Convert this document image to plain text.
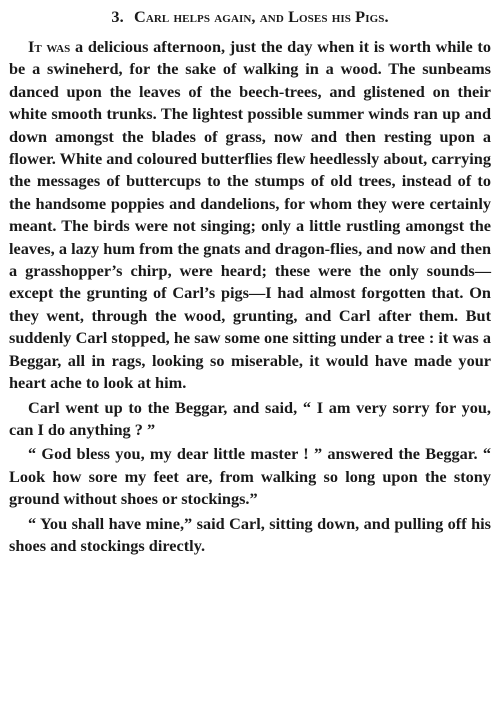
3. Carl helps again, and Loses his Pigs.

It was a delicious afternoon, just the day when it is worth while to be a swineherd, for the sake of walking in a wood. The sunbeams danced upon the leaves of the beech-trees, and glistened on their white smooth trunks. The lightest possible summer winds ran up and down amongst the blades of grass, now and then resting upon a flower. White and coloured butterflies flew heedlessly about, carrying the messages of buttercups to the stumps of old trees, instead of to the handsome poppies and dandelions, for whom they were certainly meant. The birds were not singing; only a little rustling amongst the leaves, a lazy hum from the gnats and dragon-flies, and now and then a grasshopper’s chirp, were heard; these were the only sounds—except the grunting of Carl’s pigs—I had almost forgotten that. On they went, through the wood, grunting, and Carl after them. But suddenly Carl stopped, he saw some one sitting under a tree : it was a Beggar, all in rags, looking so miserable, it would have made your heart ache to look at him.

Carl went up to the Beggar, and said, “ I am very sorry for you, can I do anything ? ”

“ God bless you, my dear little master ! ” answered the Beggar. “ Look how sore my feet are, from walking so long upon the stony ground without shoes or stockings.”

“ You shall have mine,” said Carl, sitting down, and pulling off his shoes and stockings directly.
